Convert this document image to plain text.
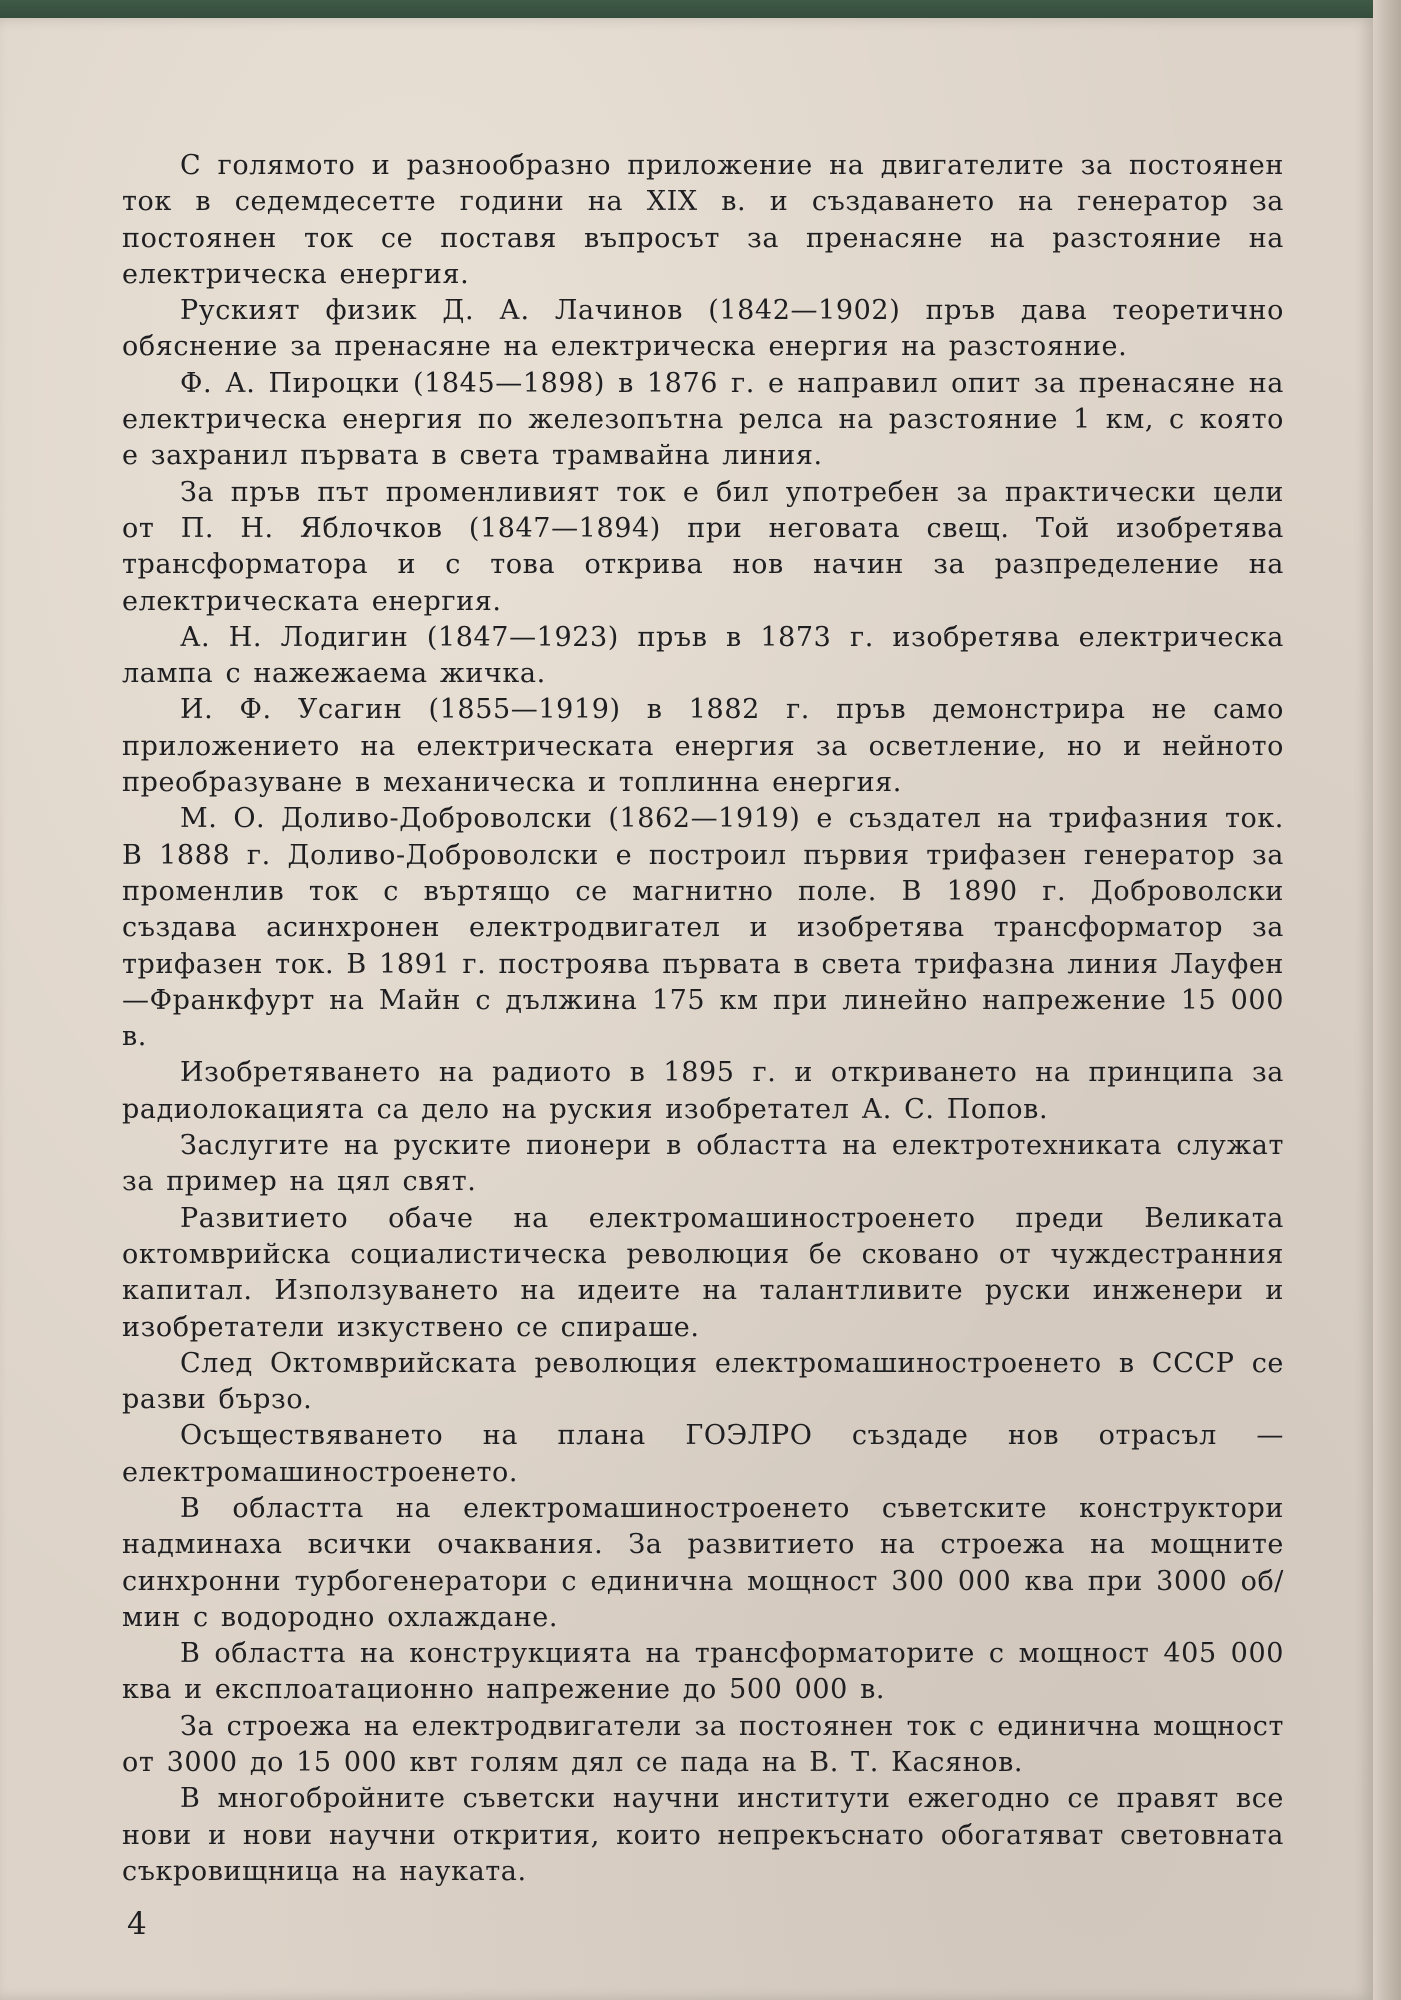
С голямото и разнообразно приложение на двигателите за постоянен ток в седемдесетте години на XIX в. и създаването на генератор за постоянен ток се поставя въпросът за пренасяне на разстояние на електрическа енергия.

Руският физик Д. А. Лачинов (1842—1902) пръв дава теоретично обяснение за пренасяне на електрическа енергия на разстояние.

Ф. А. Пироцки (1845—1898) в 1876 г. е направил опит за пренасяне на електрическа енергия по железопътна релса на разстояние 1 км, с която е захранил първата в света трамвайна линия.

За пръв път променливият ток е бил употребен за практически цели от П. Н. Яблочков (1847—1894) при неговата свещ. Той изобретява трансформатора и с това открива нов начин за разпределение на електрическата енергия.

А. Н. Лодигин (1847—1923) пръв в 1873 г. изобретява електрическа лампа с нажежаема жичка.

И. Ф. Усагин (1855—1919) в 1882 г. пръв демонстрира не само приложението на електрическата енергия за осветление, но и нейното преобразуване в механическа и топлинна енергия.

М. О. Доливо-Доброволски (1862—1919) е създател на трифазния ток. В 1888 г. Доливо-Доброволски е построил първия трифазен генератор за променлив ток с въртящо се магнитно поле. В 1890 г. Доброволски създава асинхронен електродвигател и изобретява трансформатор за трифазен ток. В 1891 г. построява първата в света трифазна линия Лауфен—Франкфурт на Майн с дължина 175 км при линейно напрежение 15 000 в.

Изобретяването на радиото в 1895 г. и откриването на принципа за радиолокацията са дело на руския изобретател А. С. Попов.

Заслугите на руските пионери в областта на електротехниката служат за пример на цял свят.

Развитието обаче на електромашиностроенето преди Великата октомврийска социалистическа революция бе сковано от чуждестранния капитал. Използуването на идеите на талантливите руски инженери и изобретатели изкуствено се спираше.

След Октомврийската революция електромашиностроенето в СССР се разви бързо.

Осъществяването на плана ГОЭЛРО създаде нов отрасъл — електромашиностроенето.

В областта на електромашиностроенето съветските конструктори надминаха всички очаквания. За развитието на строежа на мощните синхронни турбогенератори с единична мощност 300 000 ква при 3000 об/мин с водородно охлаждане.

В областта на конструкцията на трансформаторите с мощност 405 000 ква и експлоатационно напрежение до 500 000 в.

За строежа на електродвигатели за постоянен ток с единична мощност от 3000 до 15 000 квт голям дял се пада на В. Т. Касянов.

В многобройните съветски научни институти ежегодно се правят все нови и нови научни открития, които непрекъснато обогатяват световната съкровищница на науката.

4
